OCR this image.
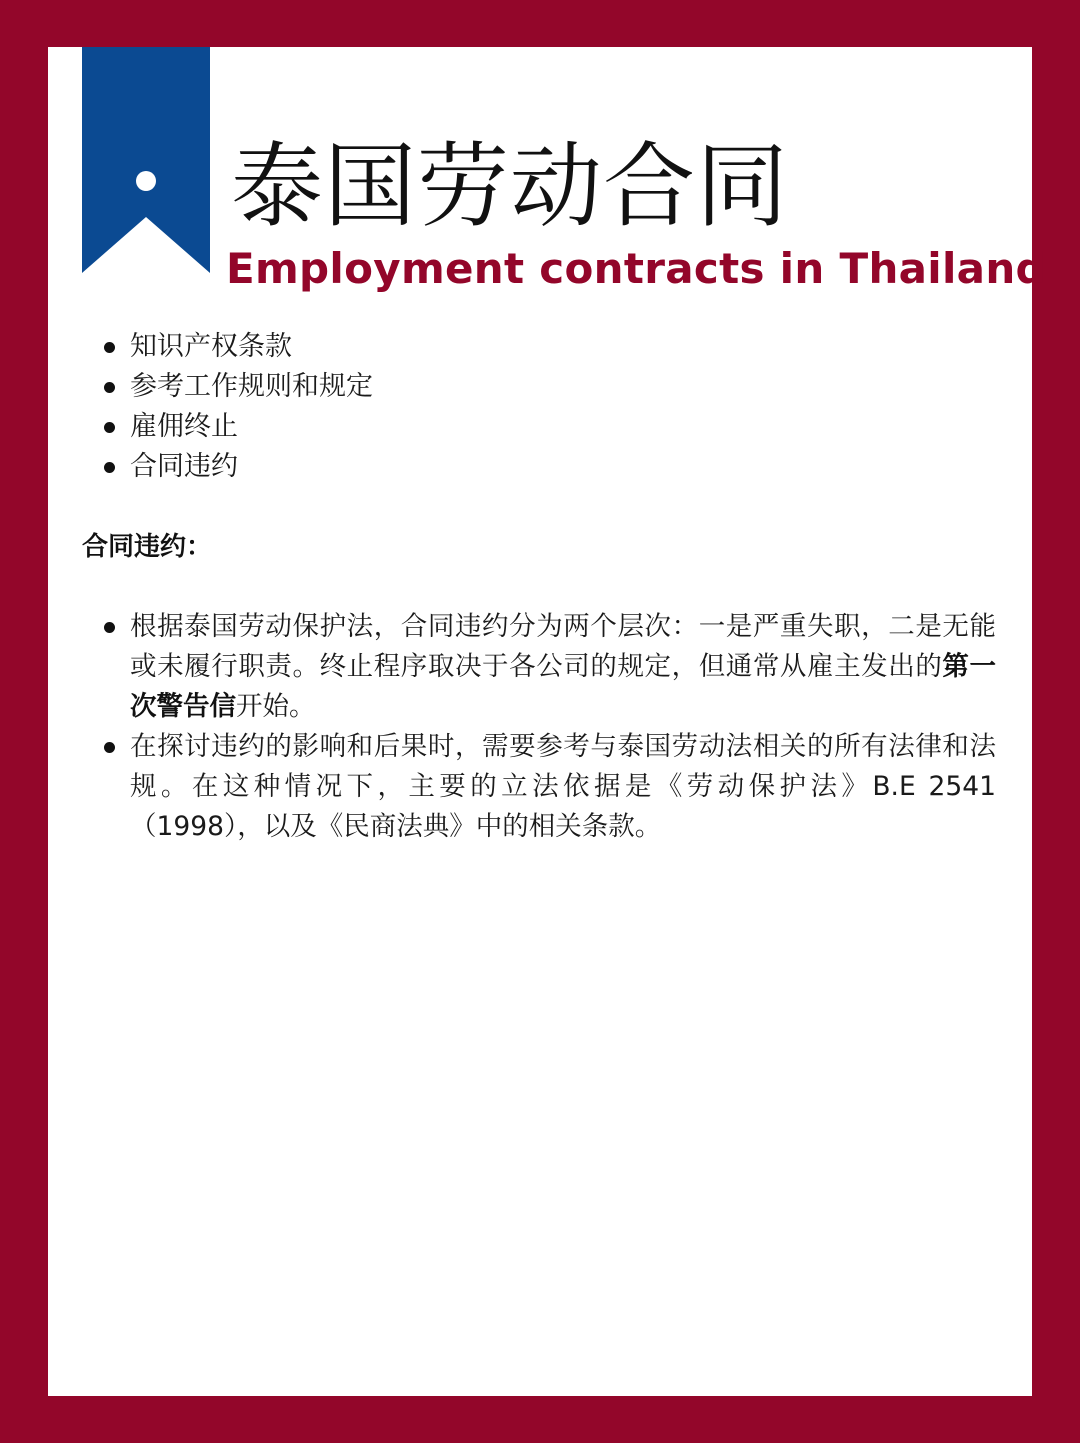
泰国劳动合同
Employment contracts in Thailand
知识产权条款
参考工作规则和规定
雇佣终止
合同违约
合同违约：
根据泰国劳动保护法，合同违约分为两个层次：一是严重失职，二是无能或未履行职责。终止程序取决于各公司的规定，但通常从雇主发出的第一次警告信开始。
在探讨违约的影响和后果时，需要参考与泰国劳动法相关的所有法律和法规。在这种情况下，主要的立法依据是《劳动保护法》B.E 2541（1998），以及《民商法典》中的相关条款。
